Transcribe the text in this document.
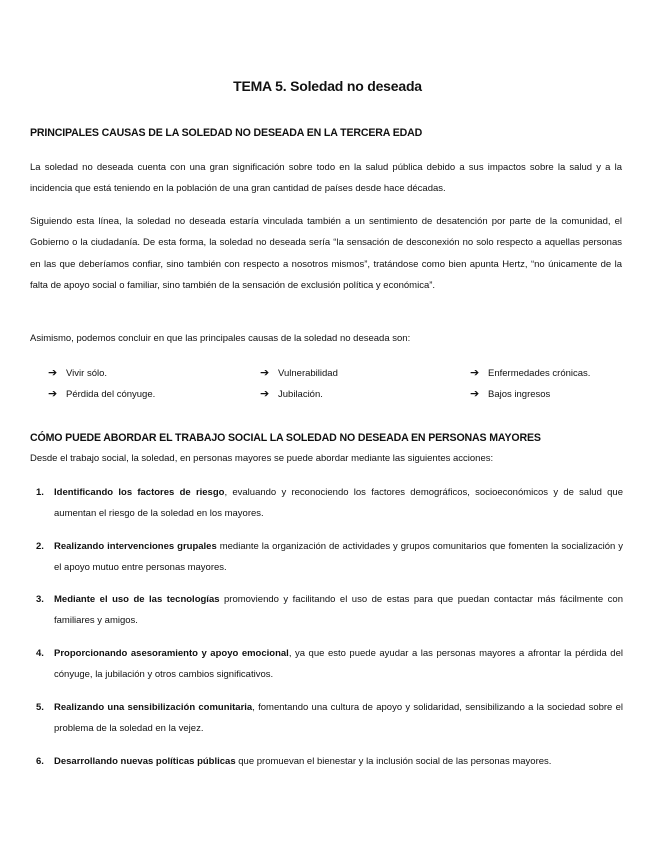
TEMA 5. Soledad no deseada
PRINCIPALES CAUSAS DE LA SOLEDAD NO DESEADA EN LA TERCERA EDAD
La soledad no deseada cuenta con una gran significación sobre todo en la salud pública debido a sus impactos sobre la salud y a la incidencia que está teniendo en la población de una gran cantidad de países desde hace décadas.
Siguiendo esta línea, la soledad no deseada estaría vinculada también a un sentimiento de desatención por parte de la comunidad, el Gobierno o la ciudadanía. De esta forma, la soledad no deseada sería “la sensación de desconexión no solo respecto a aquellas personas en las que deberíamos confiar, sino también con respecto a nosotros mismos”, tratándose como bien apunta Hertz, “no únicamente de la falta de apoyo social o familiar, sino también de la sensación de exclusión política y económica”.
Asimismo, podemos concluir en que las principales causas de la soledad no deseada son:
➔ Vivir sólo.	➔ Vulnerabilidad	➔ Enfermedades crónicas.
➔ Pérdida del cónyuge.	➔ Jubilación.	➔ Bajos ingresos
CÓMO PUEDE ABORDAR EL TRABAJO SOCIAL LA SOLEDAD NO DESEADA EN PERSONAS MAYORES
Desde el trabajo social, la soledad, en personas mayores se puede abordar mediante las siguientes acciones:
1. Identificando los factores de riesgo, evaluando y reconociendo los factores demográficos, socioeconómicos y de salud que aumentan el riesgo de la soledad en los mayores.
2. Realizando intervenciones grupales mediante la organización de actividades y grupos comunitarios que fomenten la socialización y el apoyo mutuo entre personas mayores.
3. Mediante el uso de las tecnologías promoviendo y facilitando el uso de estas para que puedan contactar más fácilmente con familiares y amigos.
4. Proporcionando asesoramiento y apoyo emocional, ya que esto puede ayudar a las personas mayores a afrontar la pérdida del cónyuge, la jubilación y otros cambios significativos.
5. Realizando una sensibilización comunitaria, fomentando una cultura de apoyo y solidaridad, sensibilizando a la sociedad sobre el problema de la soledad en la vejez.
6. Desarrollando nuevas políticas públicas que promuevan el bienestar y la inclusión social de las personas mayores.
